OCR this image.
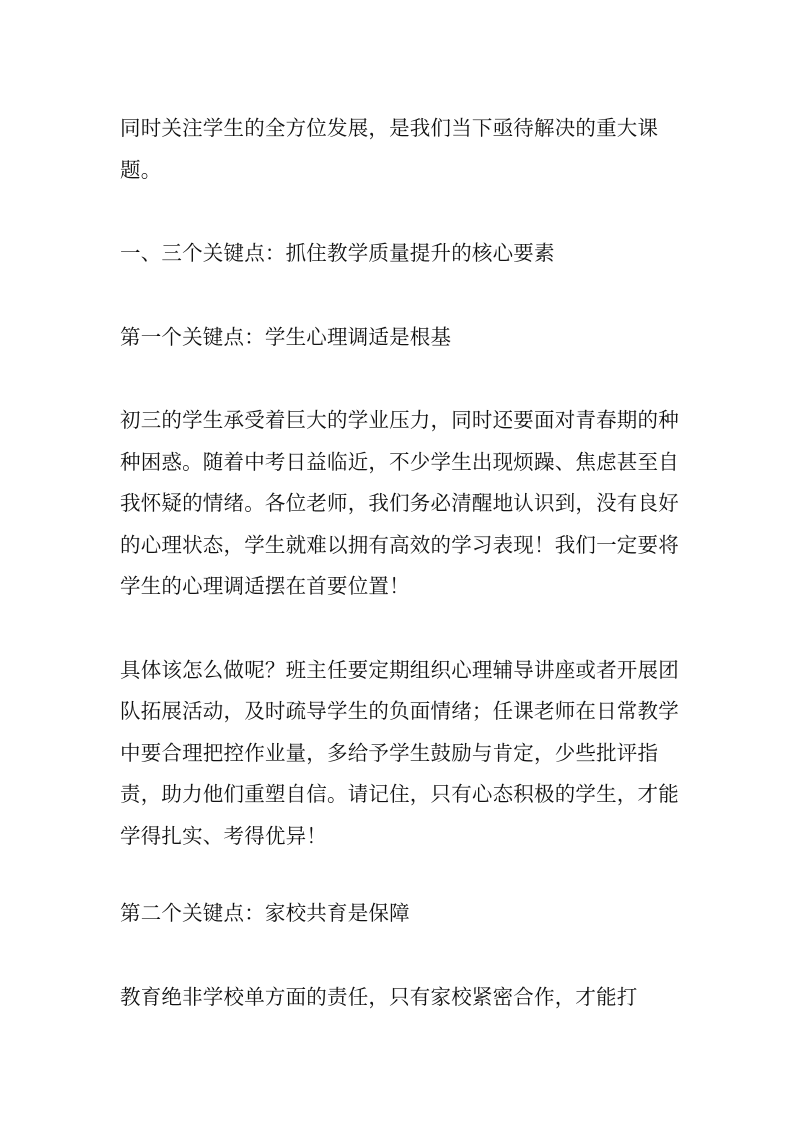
同时关注学生的全方位发展，是我们当下亟待解决的重大课题。

一、三个关键点：抓住教学质量提升的核心要素

第一个关键点：学生心理调适是根基

初三的学生承受着巨大的学业压力，同时还要面对青春期的种种困惑。随着中考日益临近，不少学生出现烦躁、焦虑甚至自我怀疑的情绪。各位老师，我们务必清醒地认识到，没有良好的心理状态，学生就难以拥有高效的学习表现！我们一定要将学生的心理调适摆在首要位置！

具体该怎么做呢？班主任要定期组织心理辅导讲座或者开展团队拓展活动，及时疏导学生的负面情绪；任课老师在日常教学中要合理把控作业量，多给予学生鼓励与肯定，少些批评指责，助力他们重塑自信。请记住，只有心态积极的学生，才能学得扎实、考得优异！

第二个关键点：家校共育是保障

教育绝非学校单方面的责任，只有家校紧密合作，才能打
